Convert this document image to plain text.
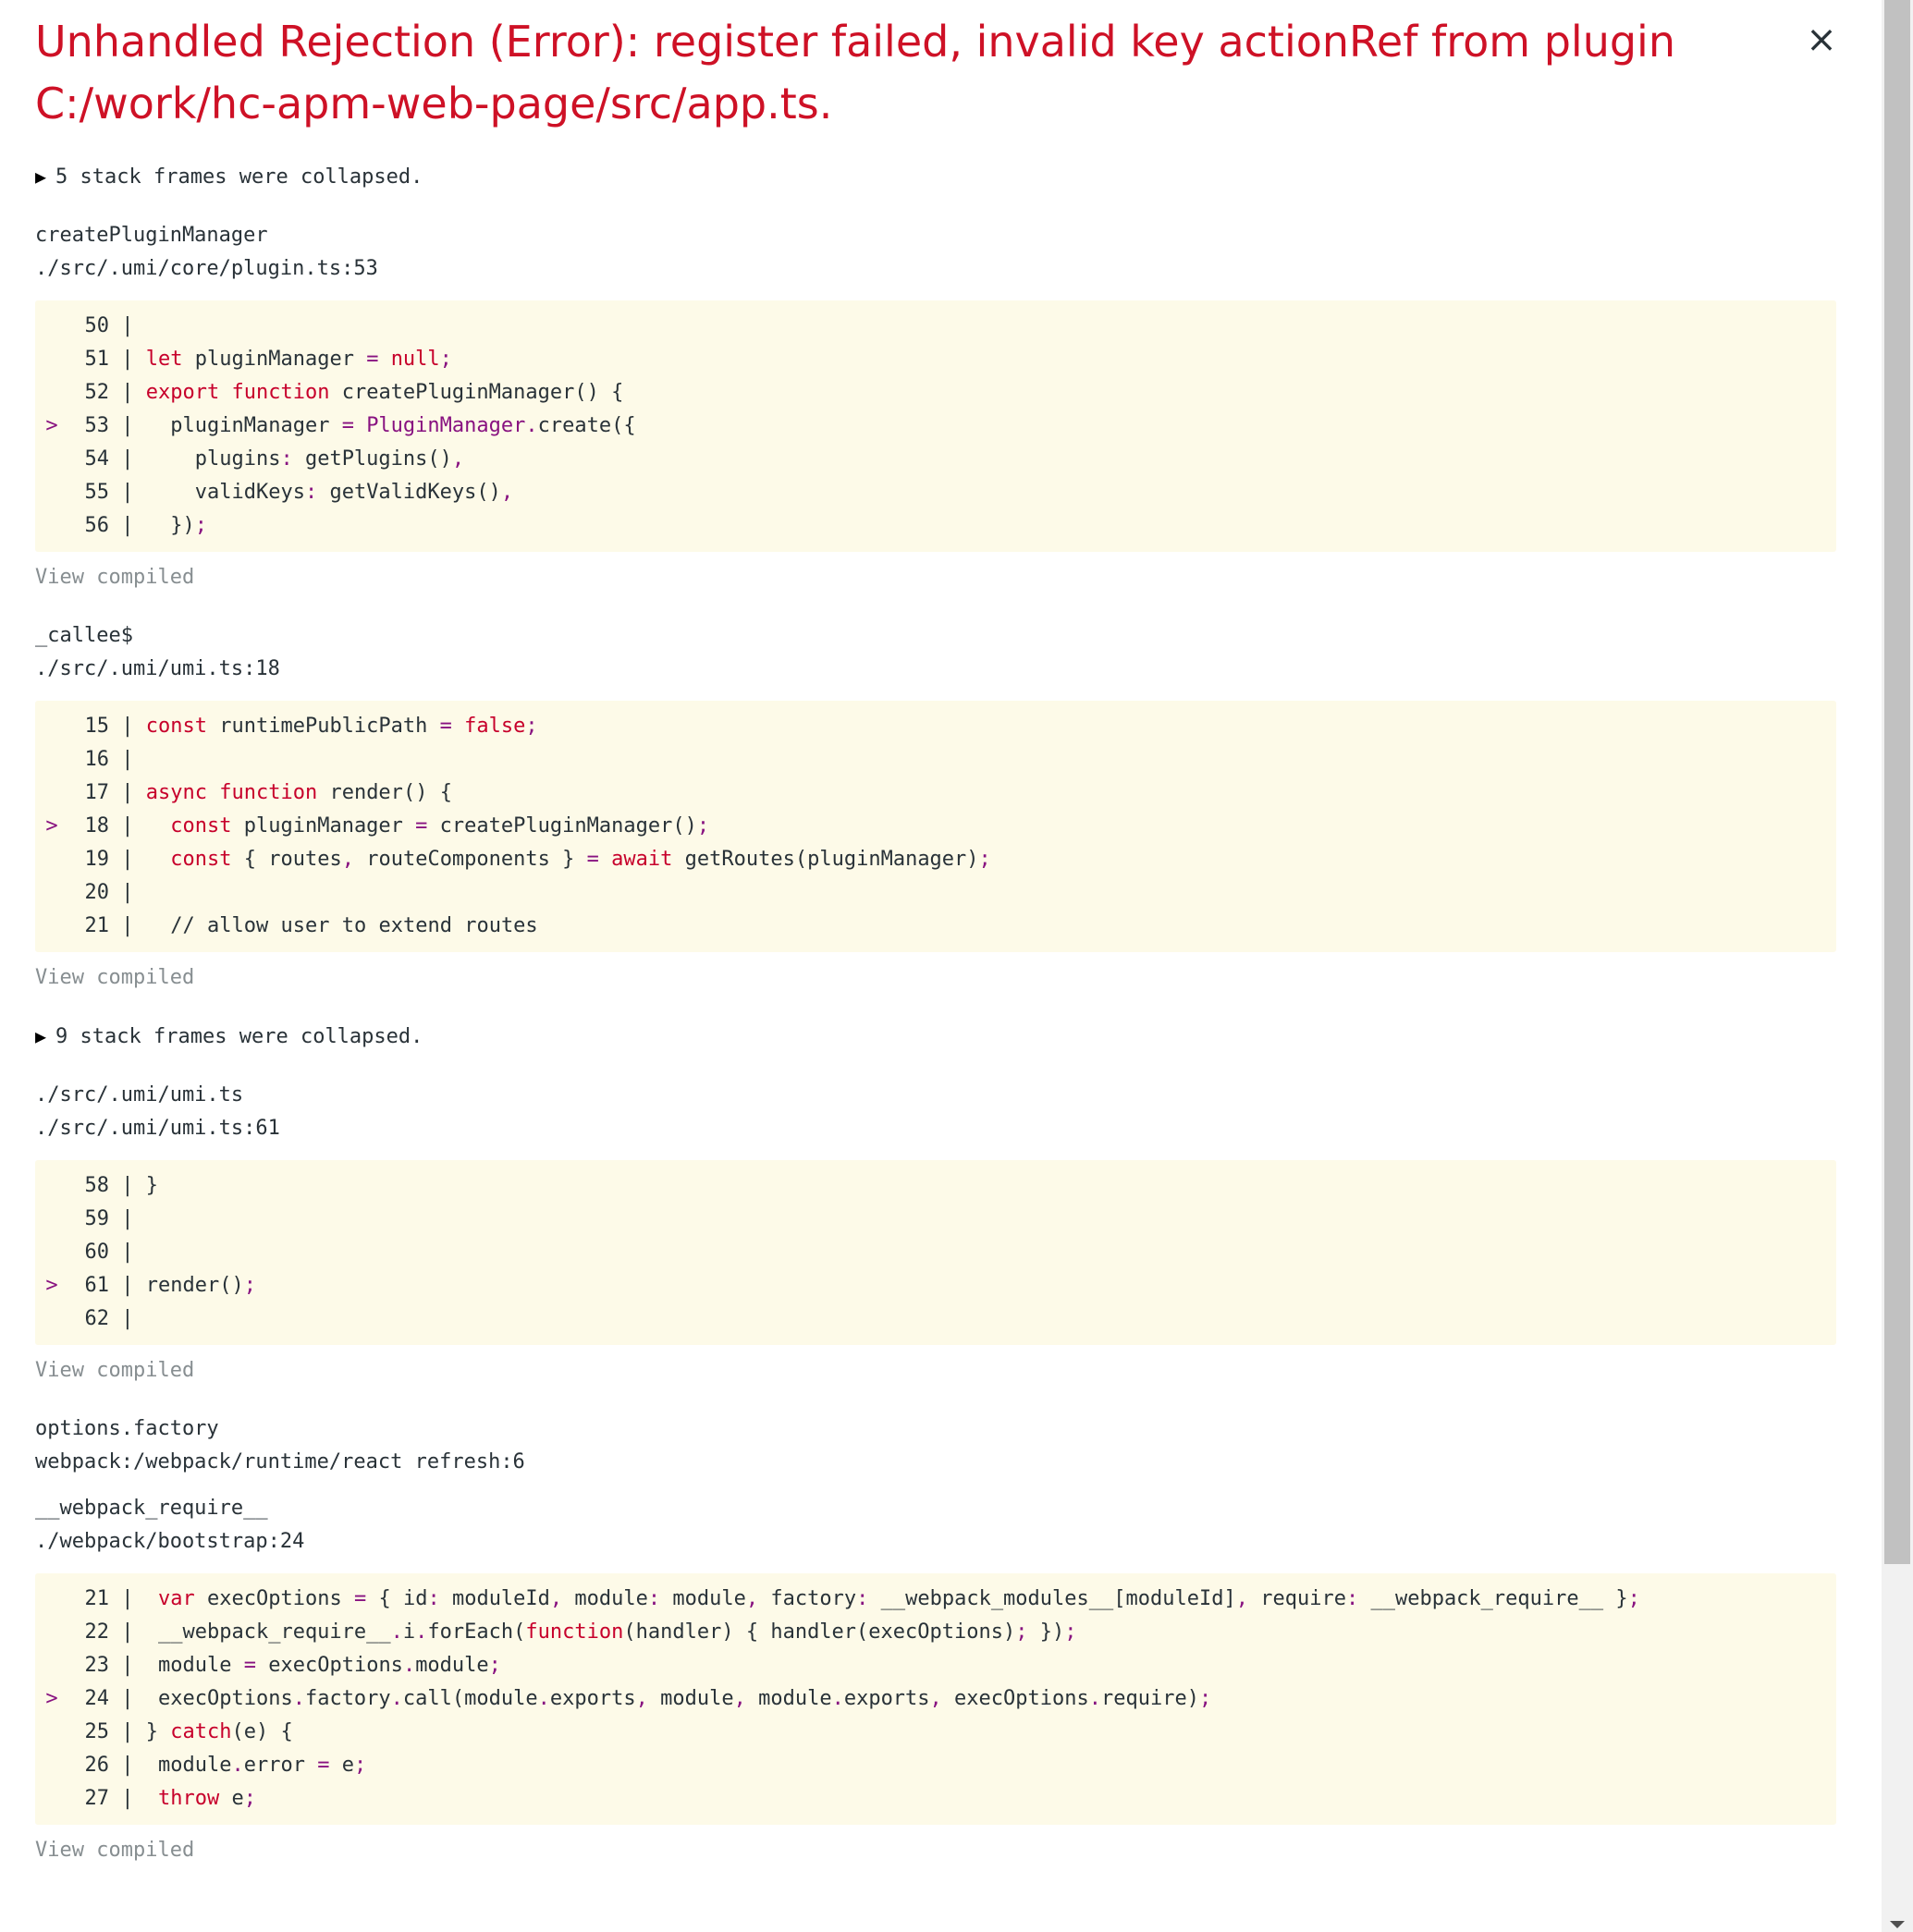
×
Unhandled Rejection (Error): register failed, invalid key actionRef from plugin C:/work/hc-apm-web-page/src/app.ts.
▶ 5 stack frames were collapsed.
createPluginManager
./src/.umi/core/plugin.ts:53
50 |
51 | let pluginManager = null;
52 | export function createPluginManager() {
> 53 |   pluginManager = PluginManager.create({
54 |     plugins: getPlugins(),
55 |     validKeys: getValidKeys(),
56 |   });
View compiled
_callee$
./src/.umi/umi.ts:18
15 | const runtimePublicPath = false;
16 |
17 | async function render() {
> 18 |   const pluginManager = createPluginManager();
19 |   const { routes, routeComponents } = await getRoutes(pluginManager);
20 |
21 |   // allow user to extend routes
View compiled
▶ 9 stack frames were collapsed.
./src/.umi/umi.ts
./src/.umi/umi.ts:61
58 | }
59 |
60 |
> 61 | render();
62 |
View compiled
options.factory
webpack:/webpack/runtime/react refresh:6
__webpack_require__
./webpack/bootstrap:24
21 |  var execOptions = { id: moduleId, module: module, factory: __webpack_modules__[moduleId], require: __webpack_require__ };
22 |  __webpack_require__.i.forEach(function(handler) { handler(execOptions); });
23 |  module = execOptions.module;
> 24 |  execOptions.factory.call(module.exports, module, module.exports, execOptions.require);
25 | } catch(e) {
26 |  module.error = e;
27 |  throw e;
View compiled
